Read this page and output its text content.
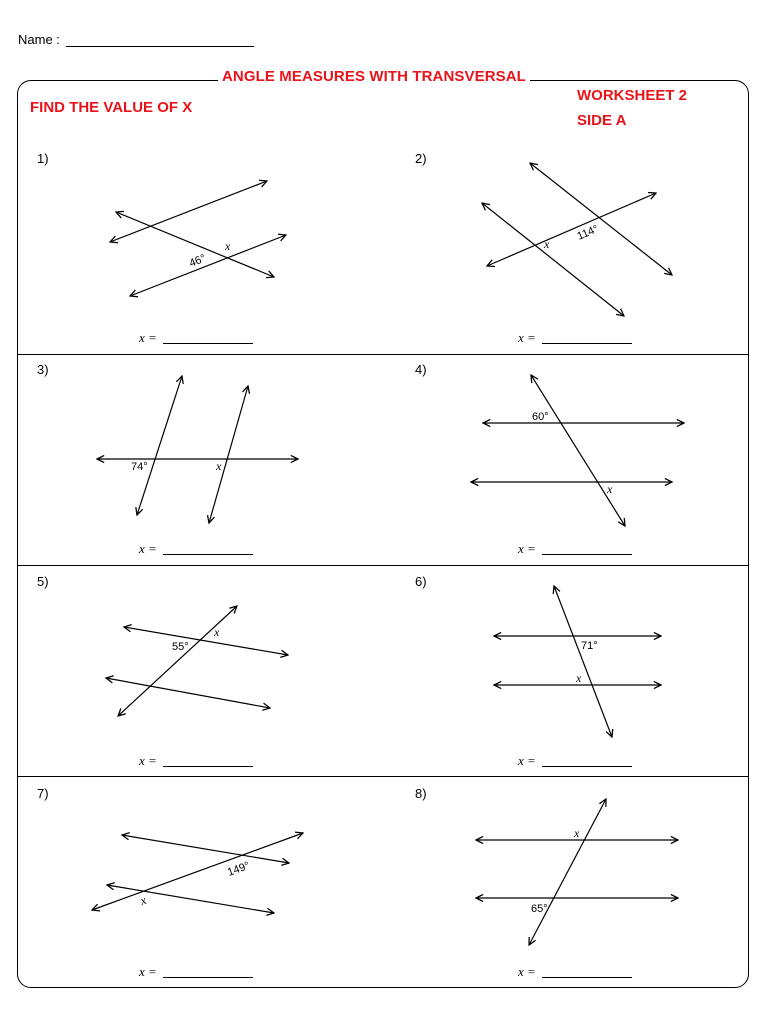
Name :
ANGLE MEASURES WITH TRANSVERSAL
FIND THE VALUE OF X
WORKSHEET 2
SIDE A
1)	2)
3)	4)
5)	6)
7)	8)
x =	x =
x =	x =
x =	x =
x =	x =
46°
x
114°
x
74°	x
60°
x
55°
x
71°
x
149°
x
65°
x
